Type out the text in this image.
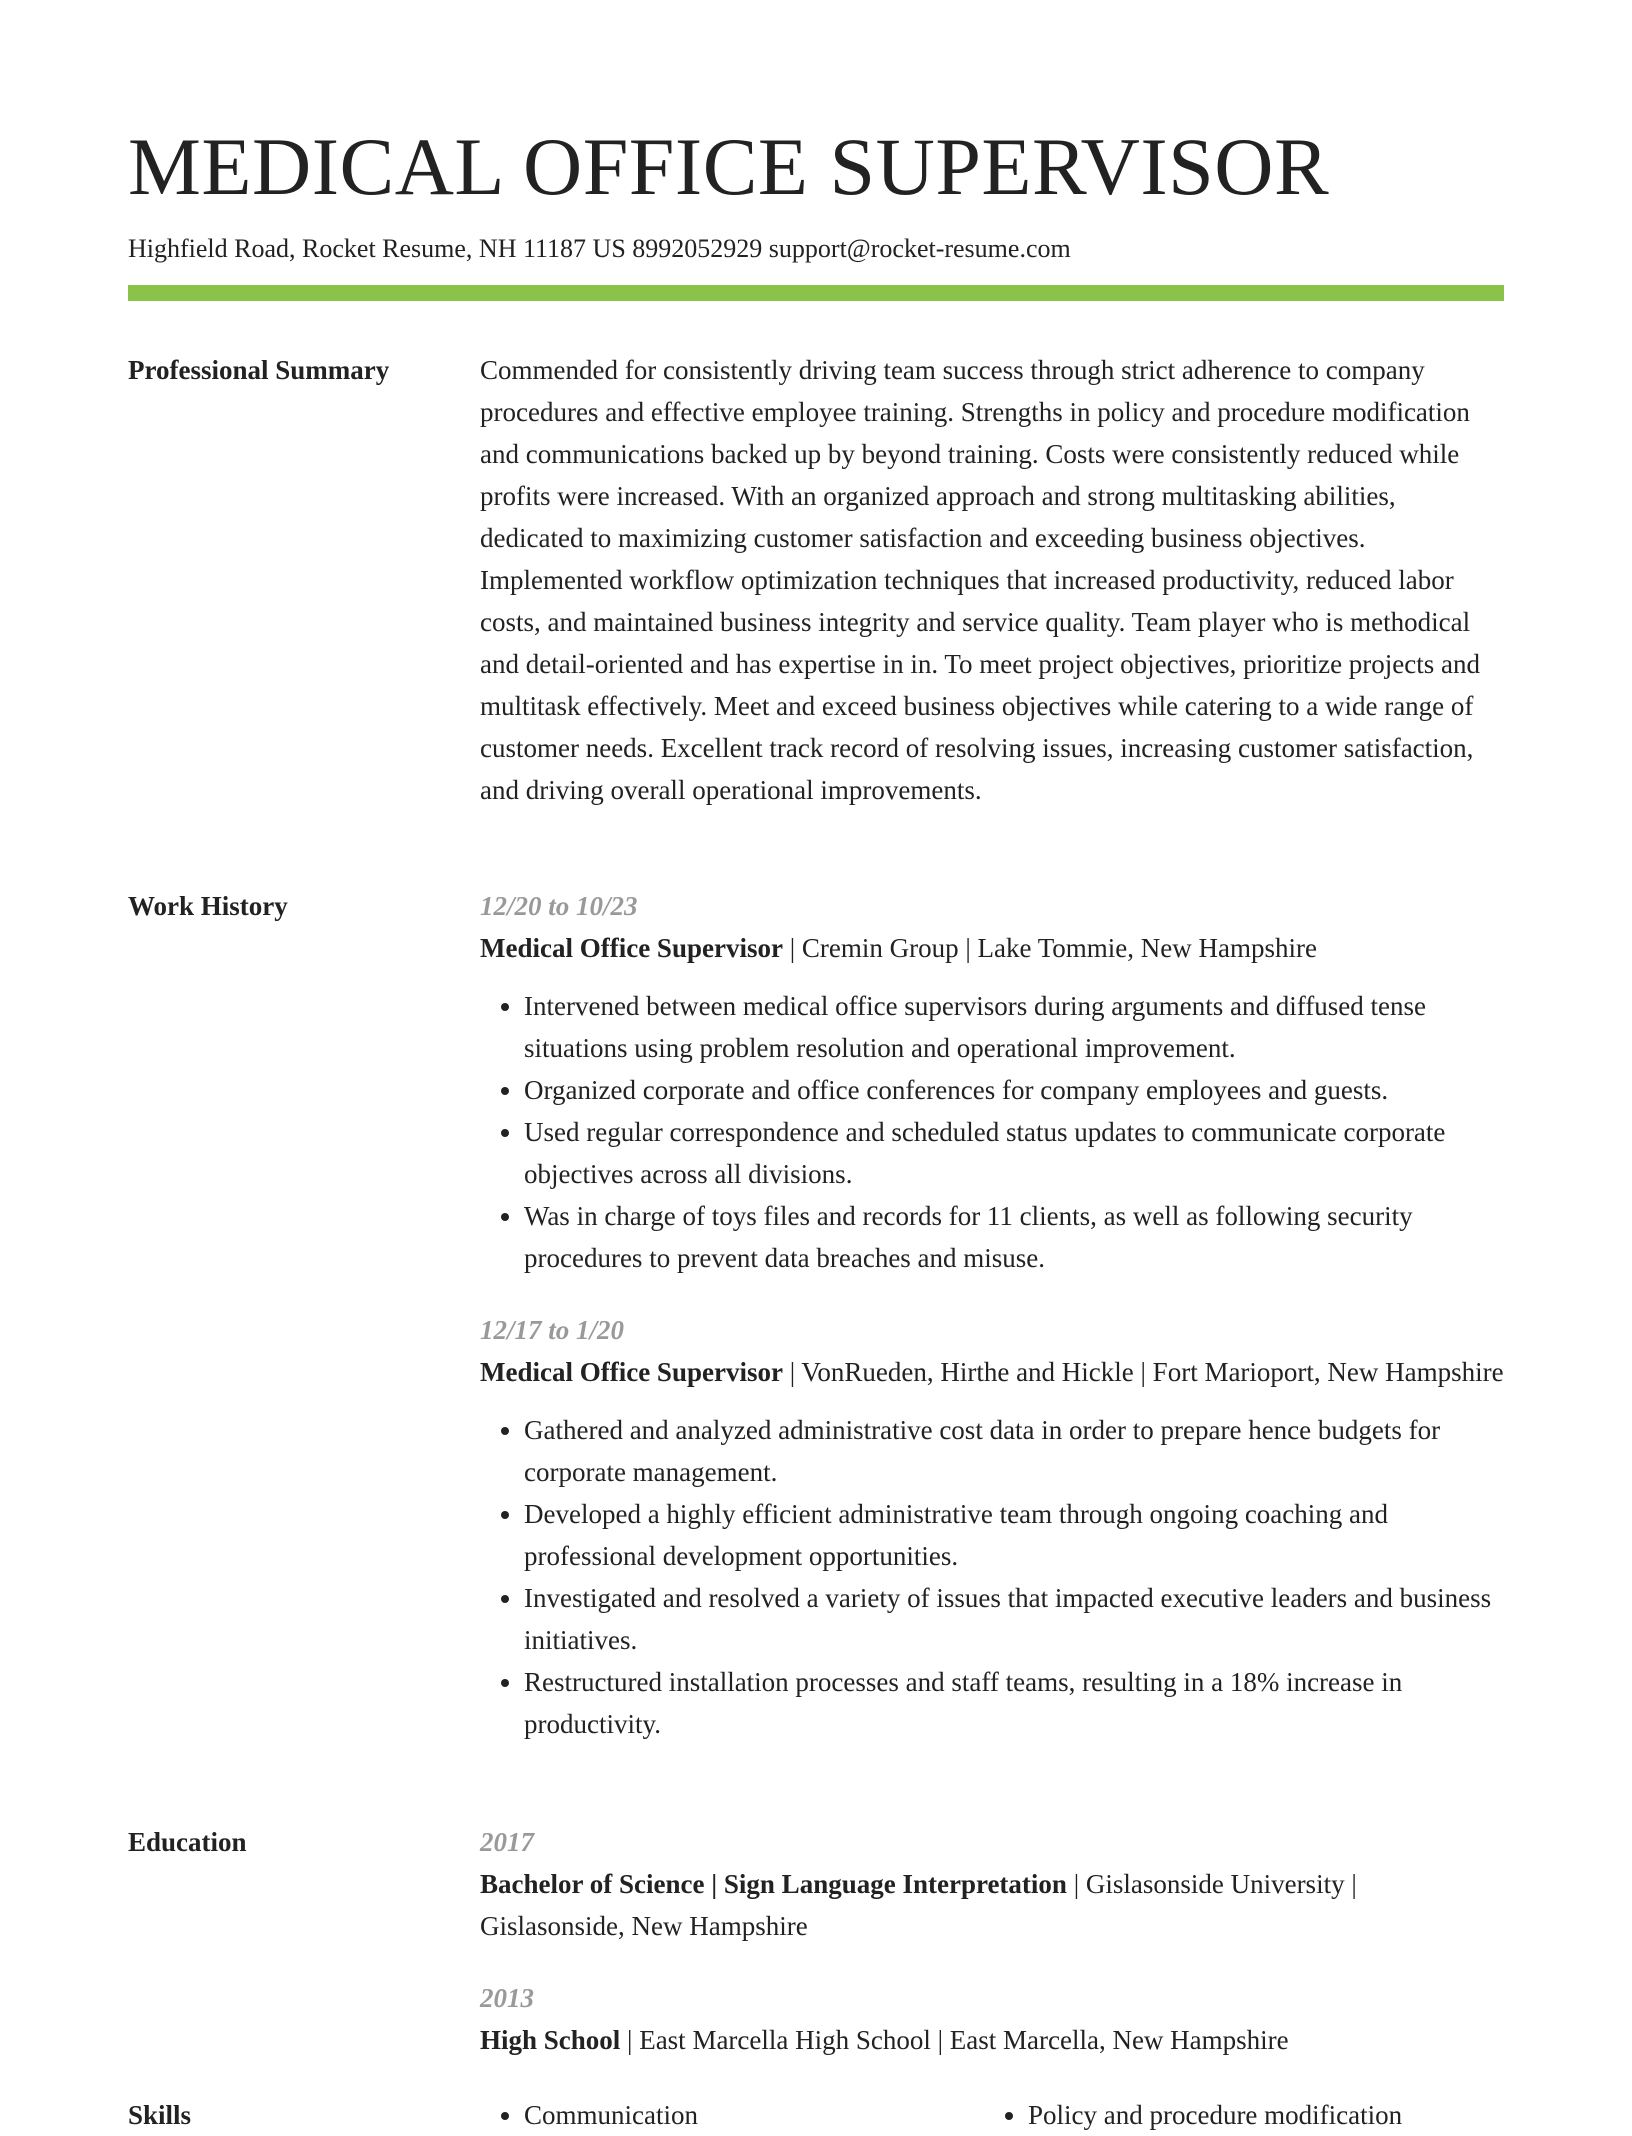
MEDICAL OFFICE SUPERVISOR
Highfield Road, Rocket Resume, NH 11187 US 8992052929 support@rocket-resume.com
Professional Summary	Commended for consistently driving team success through strict adherence to company procedures and effective employee training. Strengths in policy and procedure modification and communications backed up by beyond training. Costs were consistently reduced while profits were increased. With an organized approach and strong multitasking abilities, dedicated to maximizing customer satisfaction and exceeding business objectives. Implemented workflow optimization techniques that increased productivity, reduced labor costs, and maintained business integrity and service quality. Team player who is methodical and detail-oriented and has expertise in in. To meet project objectives, prioritize projects and multitask effectively. Meet and exceed business objectives while catering to a wide range of customer needs. Excellent track record of resolving issues, increasing customer satisfaction, and driving overall operational improvements.

Work History	12/20 to 10/23
Medical Office Supervisor | Cremin Group | Lake Tommie, New Hampshire
• Intervened between medical office supervisors during arguments and diffused tense situations using problem resolution and operational improvement.
• Organized corporate and office conferences for company employees and guests.
• Used regular correspondence and scheduled status updates to communicate corporate objectives across all divisions.
• Was in charge of toys files and records for 11 clients, as well as following security procedures to prevent data breaches and misuse.
12/17 to 1/20
Medical Office Supervisor | VonRueden, Hirthe and Hickle | Fort Marioport, New Hampshire
• Gathered and analyzed administrative cost data in order to prepare hence budgets for corporate management.
• Developed a highly efficient administrative team through ongoing coaching and professional development opportunities.
• Investigated and resolved a variety of issues that impacted executive leaders and business initiatives.
• Restructured installation processes and staff teams, resulting in a 18% increase in productivity.
Education	2017
Bachelor of Science | Sign Language Interpretation | Gislasonside University | Gislasonside, New Hampshire
2013
High School | East Marcella High School | East Marcella, New Hampshire
Skills	• Communication	• Policy and procedure modification
